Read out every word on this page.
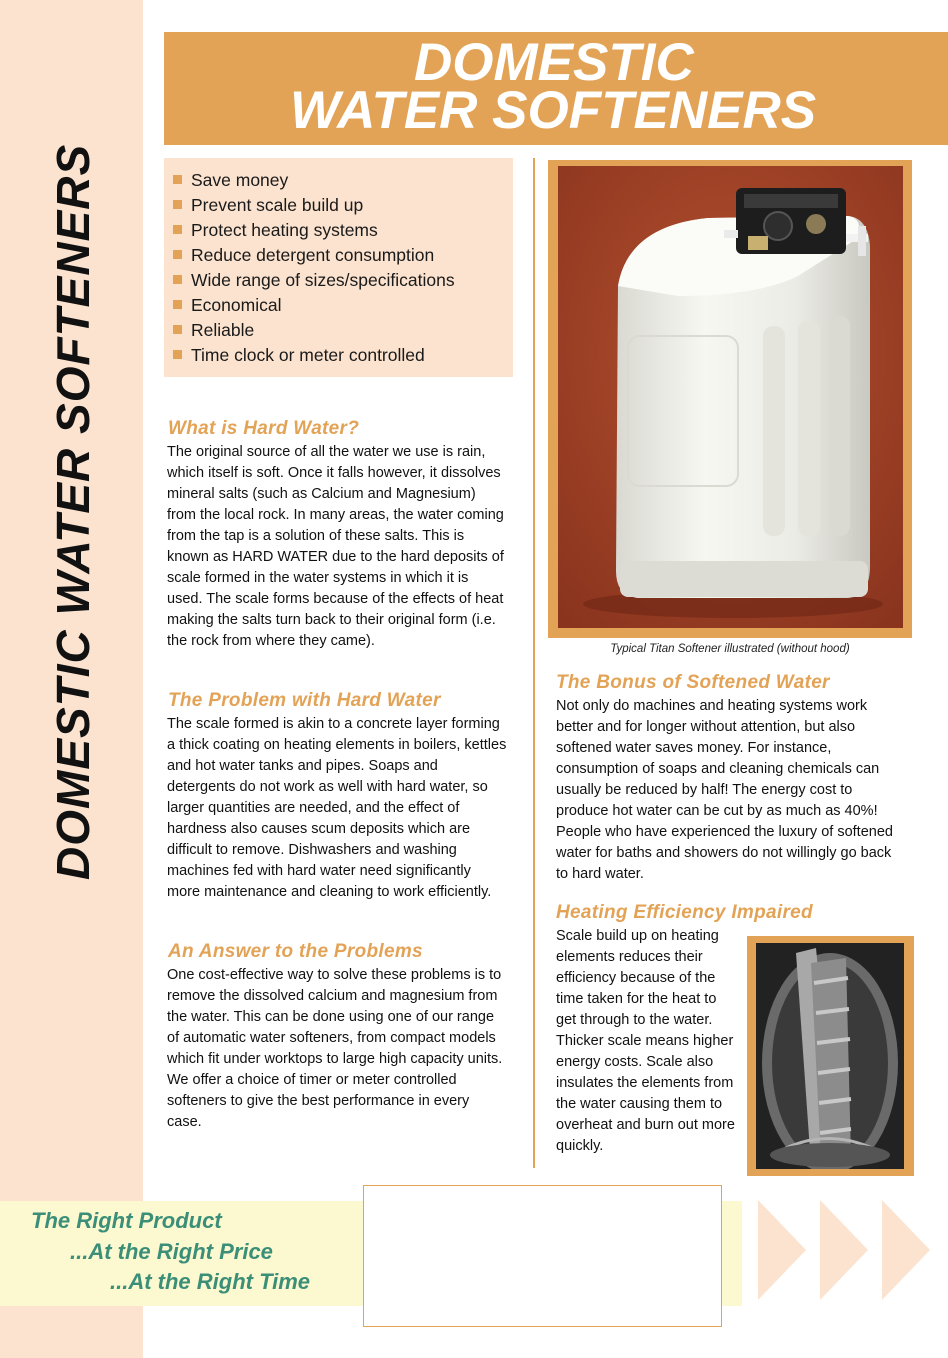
DOMESTIC WATER SOFTENERS
DOMESTIC
WATER SOFTENERS
Save money
Prevent scale build up
Protect heating systems
Reduce detergent consumption
Wide range of sizes/specifications
Economical
Reliable
Time clock or meter controlled
What is Hard Water?

The original source of all the water we use is rain, which itself is soft. Once it falls however, it dissolves mineral salts (such as Calcium and Magnesium) from the local rock. In many areas, the water coming from the tap is a solution of these salts. This is known as HARD WATER due to the hard deposits of scale formed in the water systems in which it is used. The scale forms because of the effects of heat making the salts turn back to their original form (i.e. the rock from where they came).

The Problem with Hard Water

The scale formed is akin to a concrete layer forming a thick coating on heating elements in boilers, kettles and hot water tanks and pipes. Soaps and detergents do not work as well with hard water, so larger quantities are needed, and the effect of hardness also causes scum deposits which are difficult to remove. Dishwashers and washing machines fed with hard water need significantly more maintenance and cleaning to work efficiently.

An Answer to the Problems

One cost-effective way to solve these problems is to remove the dissolved calcium and magnesium from the water. This can be done using one of our range of automatic water softeners, from compact models which fit under worktops to large high capacity units. We offer a choice of timer or meter controlled softeners to give the best performance in every case.

Typical Titan Softener illustrated (without hood)
The Bonus of Softened Water

Not only do machines and heating systems work better and for longer without attention, but also softened water saves money. For instance, consumption of soaps and cleaning chemicals can usually be reduced by half! The energy cost to produce hot water can be cut by as much as 40%! People who have experienced the luxury of softened water for baths and showers do not willingly go back to hard water.

Heating Efficiency Impaired

Scale build up on heating elements reduces their efficiency because of the time taken for the heat to get through to the water. Thicker scale means higher energy costs. Scale also insulates the elements from the water causing them to overheat and burn out more quickly.

The Right Product
...At the Right Price
...At the Right Time
